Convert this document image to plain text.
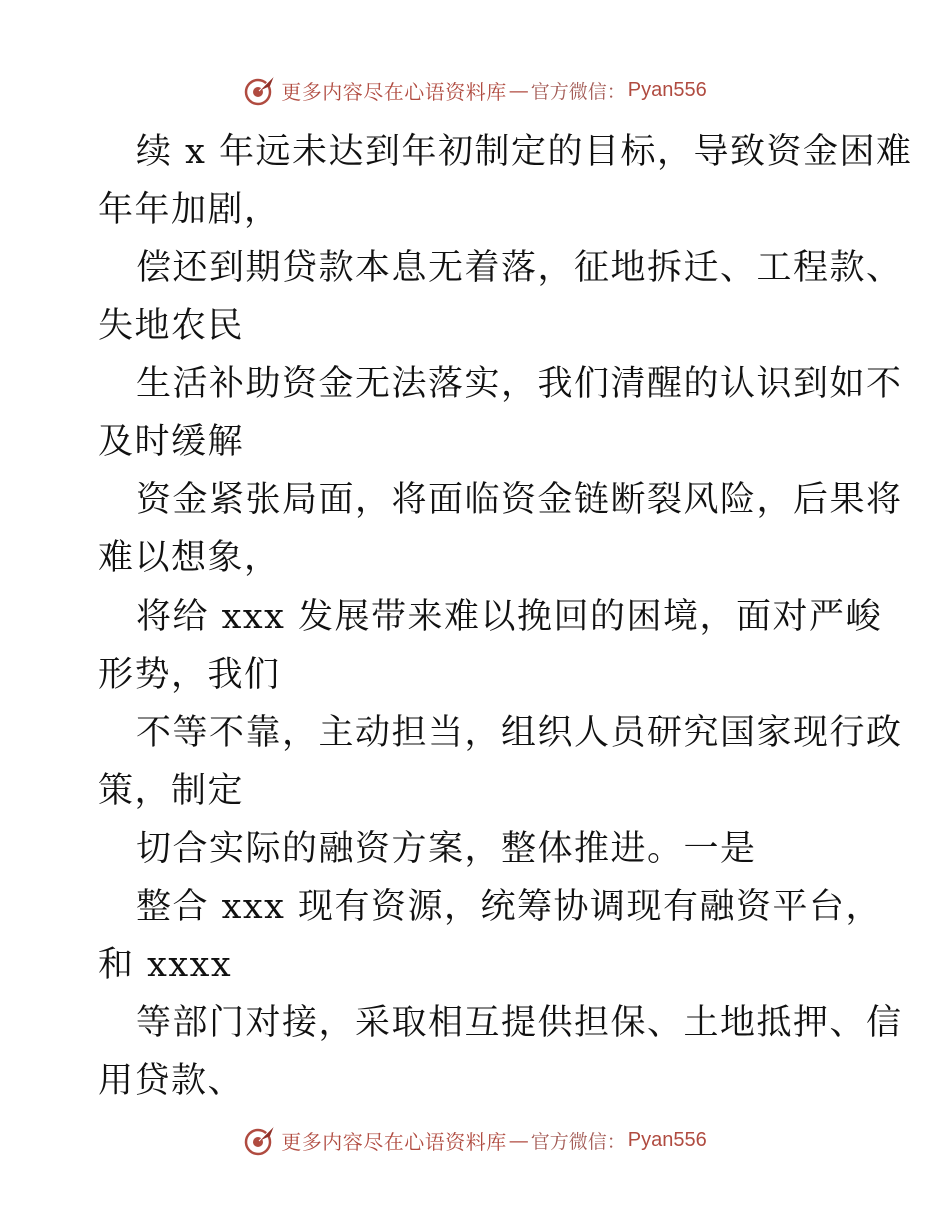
更多内容尽在心语资料库 — 官方微信： Pyan556
续 x 年远未达到年初制定的目标，导致资金困难
年年加剧，
偿还到期贷款本息无着落，征地拆迁、工程款、
失地农民
生活补助资金无法落实，我们清醒的认识到如不
及时缓解
资金紧张局面，将面临资金链断裂风险，后果将
难以想象，
将给 xxx 发展带来难以挽回的困境，面对严峻
形势，我们
不等不靠，主动担当，组织人员研究国家现行政
策，制定
切合实际的融资方案，整体推进。一是
整合 xxx 现有资源，统筹协调现有融资平台，
和 xxxx
等部门对接，采取相互提供担保、土地抵押、信
用贷款、
更多内容尽在心语资料库 — 官方微信： Pyan556
